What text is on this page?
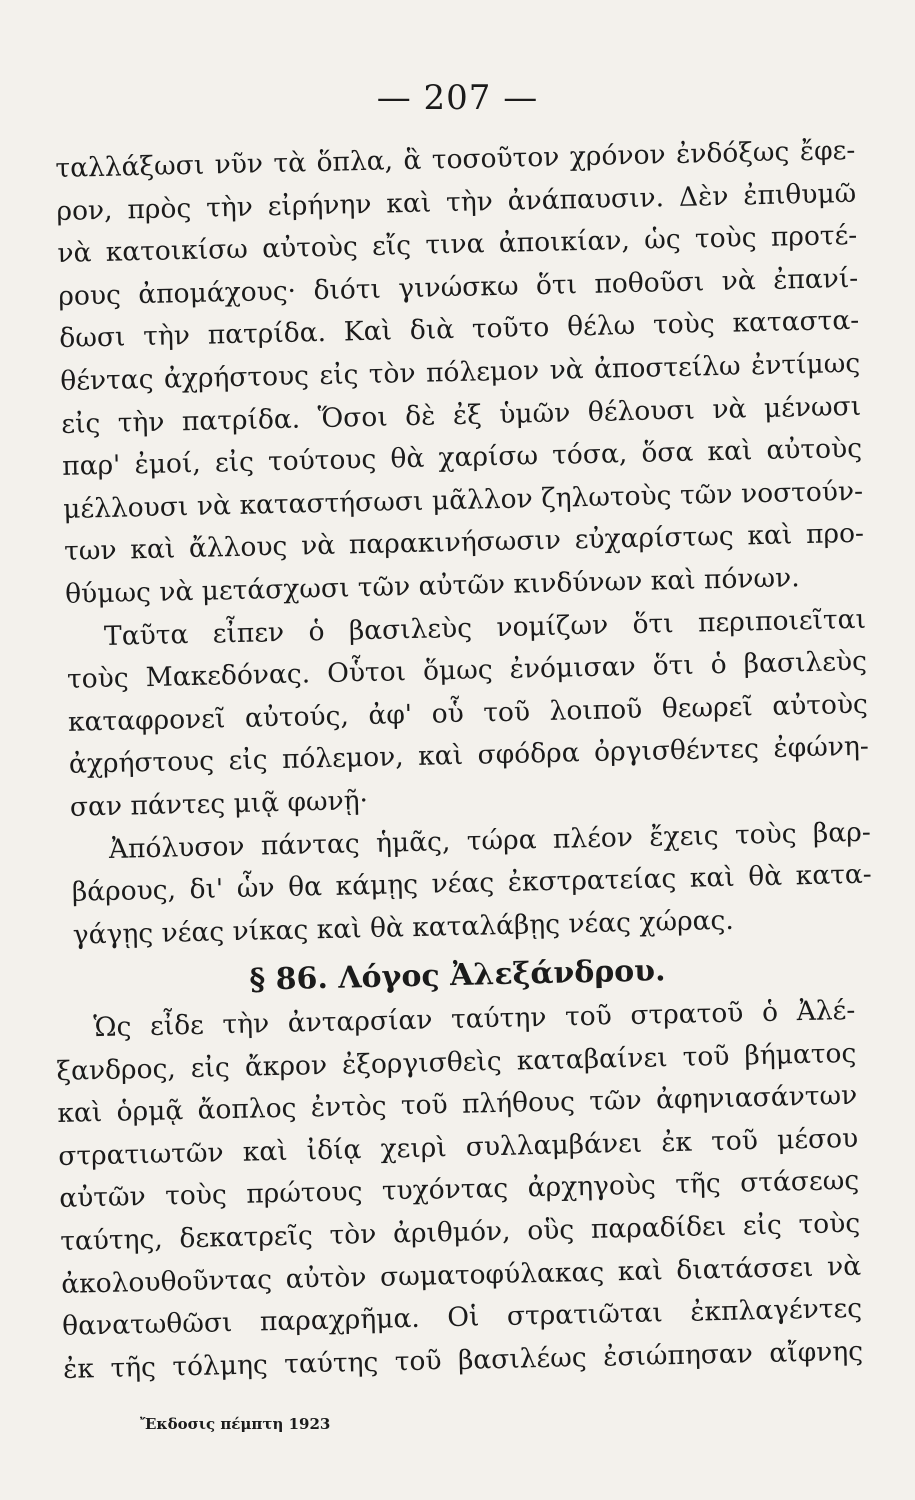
— 207 —
ταλλάξωσι νῦν τὰ ὅπλα, ἃ τοσοῦτον χρόνον ἐνδόξως ἔφε-
ρον, πρὸς τὴν εἰρήνην καὶ τὴν ἀνάπαυσιν. Δὲν ἐπιθυμῶ
νὰ κατοικίσω αὐτοὺς εἴς τινα ἀποικίαν, ὡς τοὺς προτέ-
ρους ἀπομάχους· διότι γινώσκω ὅτι ποθοῦσι νὰ ἐπανί-
δωσι τὴν πατρίδα. Καὶ διὰ τοῦτο θέλω τοὺς καταστα-
θέντας ἀχρήστους εἰς τὸν πόλεμον νὰ ἀποστείλω ἐντίμως
εἰς τὴν πατρίδα. Ὅσοι δὲ ἐξ ὑμῶν θέλουσι νὰ μένωσι
παρ' ἐμοί, εἰς τούτους θὰ χαρίσω τόσα, ὅσα καὶ αὐτοὺς
μέλλουσι νὰ καταστήσωσι μᾶλλον ζηλωτοὺς τῶν νοστούν-
των καὶ ἄλλους νὰ παρακινήσωσιν εὐχαρίστως καὶ προ-
θύμως νὰ μετάσχωσι τῶν αὐτῶν κινδύνων καὶ πόνων.
Ταῦτα εἶπεν ὁ βασιλεὺς νομίζων ὅτι περιποιεῖται
τοὺς Μακεδόνας. Οὗτοι ὅμως ἐνόμισαν ὅτι ὁ βασιλεὺς
καταφρονεῖ αὐτούς, ἀφ' οὗ τοῦ λοιποῦ θεωρεῖ αὐτοὺς
ἀχρήστους εἰς πόλεμον, καὶ σφόδρα ὀργισθέντες ἐφώνη-
σαν πάντες μιᾷ φωνῇ·
Ἀπόλυσον πάντας ἡμᾶς, τώρα πλέον ἔχεις τοὺς βαρ-
βάρους, δι' ὧν θα κάμῃς νέας ἐκστρατείας καὶ θὰ κατα-
γάγῃς νέας νίκας καὶ θὰ καταλάβῃς νέας χώρας.
§ 86. Λόγος Ἀλεξάνδρου.
Ὡς εἶδε τὴν ἀνταρσίαν ταύτην τοῦ στρατοῦ ὁ Ἀλέ-
ξανδρος, εἰς ἄκρον ἐξοργισθεὶς καταβαίνει τοῦ βήματος
καὶ ὁρμᾷ ἄοπλος ἐντὸς τοῦ πλήθους τῶν ἀφηνιασάντων
στρατιωτῶν καὶ ἰδίᾳ χειρὶ συλλαμβάνει ἐκ τοῦ μέσου
αὐτῶν τοὺς πρώτους τυχόντας ἀρχηγοὺς τῆς στάσεως
ταύτης, δεκατρεῖς τὸν ἀριθμόν, οὓς παραδίδει εἰς τοὺς
ἀκολουθοῦντας αὐτὸν σωματοφύλακας καὶ διατάσσει νὰ
θανατωθῶσι παραχρῆμα. Οἱ στρατιῶται ἐκπλαγέντες
ἐκ τῆς τόλμης ταύτης τοῦ βασιλέως ἐσιώπησαν αἴφνης
Ἔκδοσις πέμπτη 1923
